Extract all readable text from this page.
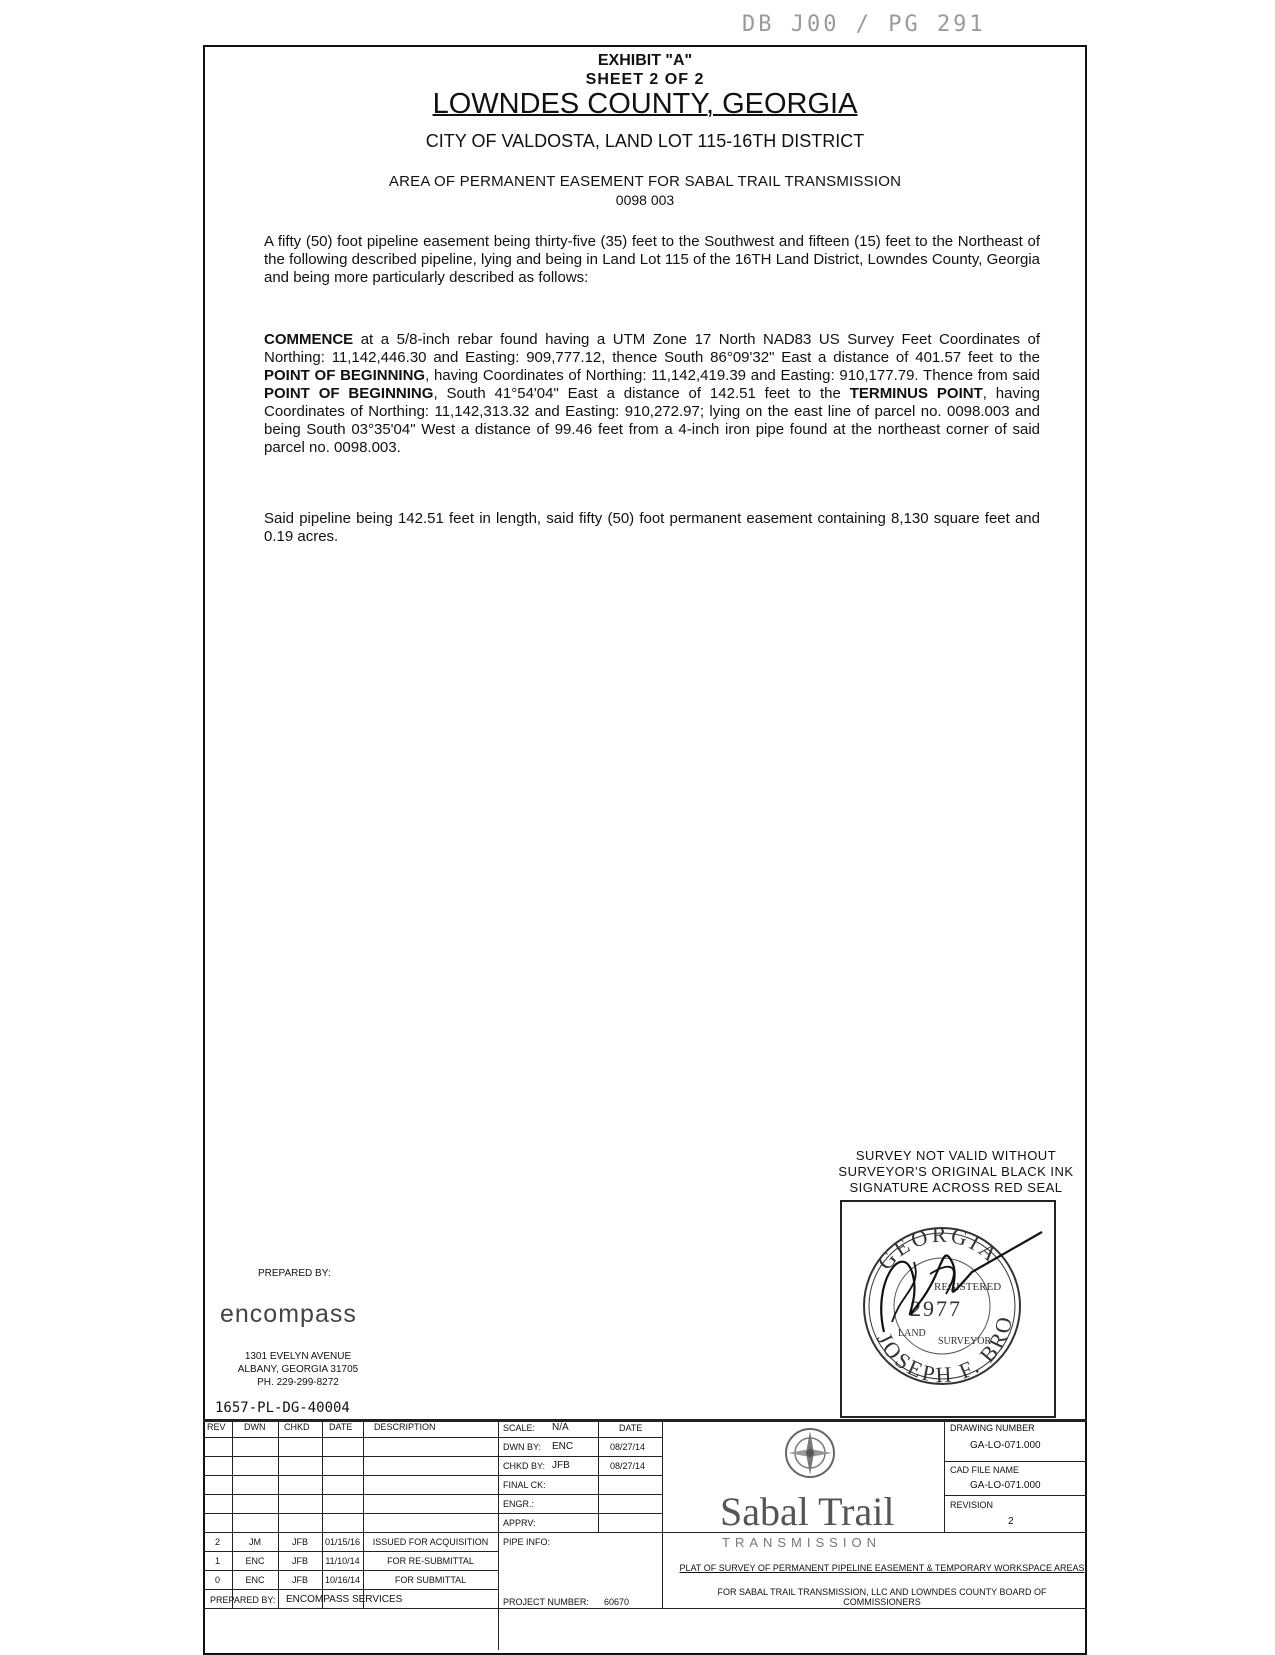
DB J00 / PG 291
EXHIBIT "A"
SHEET 2 OF 2
LOWNDES COUNTY, GEORGIA
CITY OF VALDOSTA, LAND LOT 115-16TH DISTRICT
AREA OF PERMANENT EASEMENT FOR SABAL TRAIL TRANSMISSION
0098 003
A fifty (50) foot pipeline easement being thirty-five (35) feet to the Southwest and fifteen (15) feet to the Northeast of the following described pipeline, lying and being in Land Lot 115 of the 16TH Land District, Lowndes County, Georgia and being more particularly described as follows:
COMMENCE at a 5/8-inch rebar found having a UTM Zone 17 North NAD83 US Survey Feet Coordinates of Northing: 11,142,446.30 and Easting: 909,777.12, thence South 86°09'32" East a distance of 401.57 feet to the POINT OF BEGINNING, having Coordinates of Northing: 11,142,419.39 and Easting: 910,177.79. Thence from said POINT OF BEGINNING, South 41°54'04" East a distance of 142.51 feet to the TERMINUS POINT, having Coordinates of Northing: 11,142,313.32 and Easting: 910,272.97; lying on the east line of parcel no. 0098.003 and being South 03°35'04" West a distance of 99.46 feet from a 4-inch iron pipe found at the northeast corner of said parcel no. 0098.003.
Said pipeline being 142.51 feet in length, said fifty (50) foot permanent easement containing 8,130 square feet and 0.19 acres.
SURVEY NOT VALID WITHOUT
SURVEYOR'S ORIGINAL BLACK INK
SIGNATURE ACROSS RED SEAL
GEORGIA
JOSEPH F. BRO
REGISTERED
2977
LAND
SURVEYOR
PREPARED BY:
encompass
1301 EVELYN AVENUE
ALBANY, GEORGIA 31705
PH. 229-299-8272
1657-PL-DG-40004
REV DWN CHKD DATE DESCRIPTION
2	JM	JFB	01/15/16	ISSUED FOR ACQUISITION
1	ENC	JFB	11/10/14	FOR RE-SUBMITTAL
0	ENC	JFB	10/16/14	FOR SUBMITTAL
PREPARED BY: ENCOMPASS SERVICES
SCALE: N/A	DATE
DWN BY: ENC	08/27/14
CHKD BY: JFB	08/27/14
FINAL CK:
ENGR.:
APPRV:
PIPE INFO:
PROJECT NUMBER: 60670
Sabal Trail
TRANSMISSION
DRAWING NUMBER
GA-LO-071.000
CAD FILE NAME
GA-LO-071.000
REVISION
2
PLAT OF SURVEY OF PERMANENT PIPELINE EASEMENT & TEMPORARY WORKSPACE AREAS
FOR SABAL TRAIL TRANSMISSION, LLC AND LOWNDES COUNTY BOARD OF COMMISSIONERS
